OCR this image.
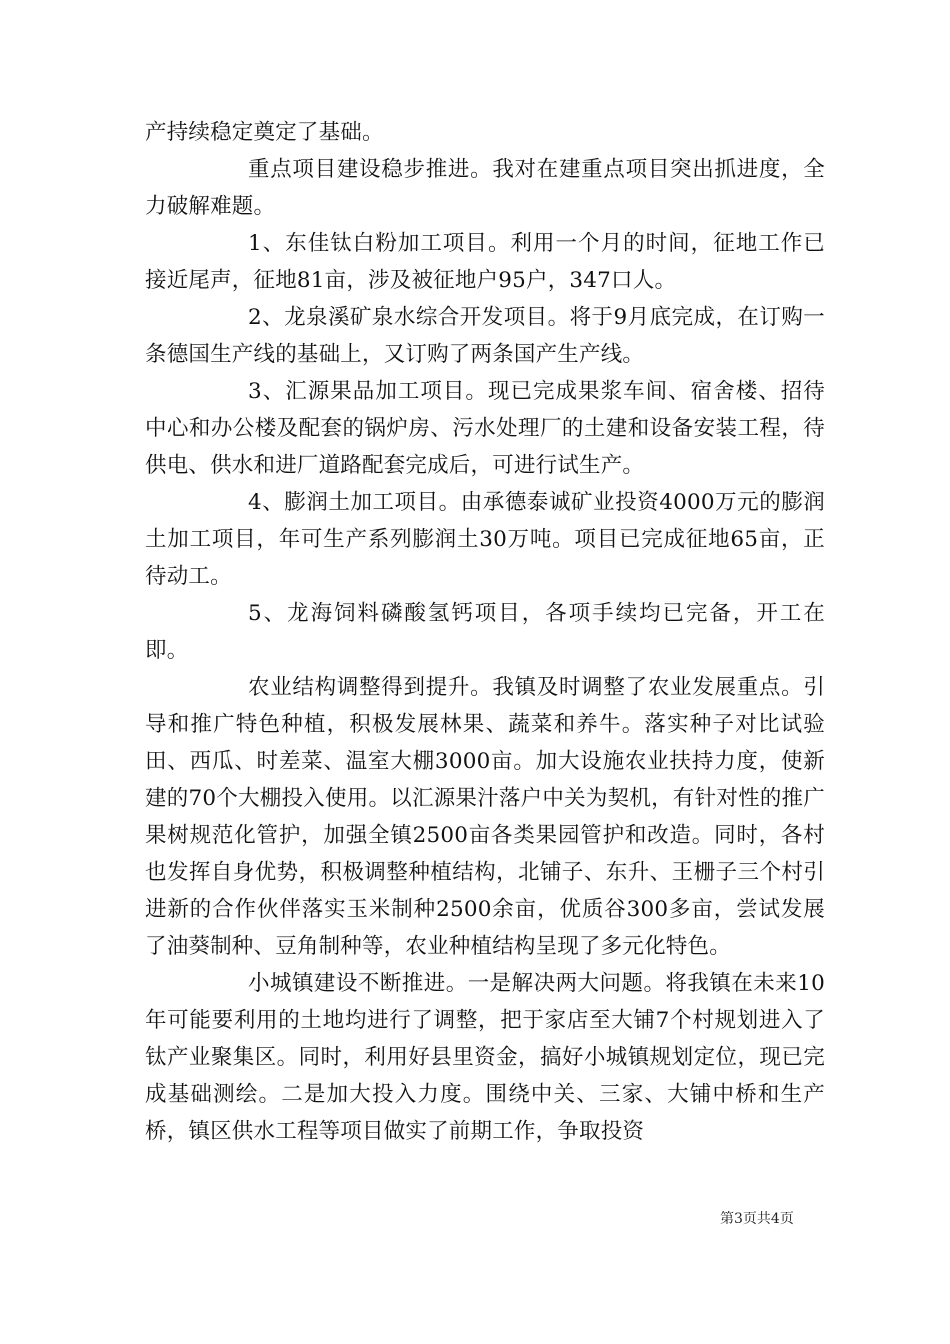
产持续稳定奠定了基础。

重点项目建设稳步推进。我对在建重点项目突出抓进度，全力破解难题。

1、东佳钛白粉加工项目。利用一个月的时间，征地工作已接近尾声，征地81亩，涉及被征地户95户，347口人。

2、龙泉溪矿泉水综合开发项目。将于9月底完成，在订购一条德国生产线的基础上，又订购了两条国产生产线。

3、汇源果品加工项目。现已完成果浆车间、宿舍楼、招待中心和办公楼及配套的锅炉房、污水处理厂的土建和设备安装工程，待供电、供水和进厂道路配套完成后，可进行试生产。

4、膨润土加工项目。由承德泰诚矿业投资4000万元的膨润土加工项目，年可生产系列膨润土30万吨。项目已完成征地65亩，正待动工。

5、龙海饲料磷酸氢钙项目，各项手续均已完备，开工在即。

农业结构调整得到提升。我镇及时调整了农业发展重点。引导和推广特色种植，积极发展林果、蔬菜和养牛。落实种子对比试验田、西瓜、时差菜、温室大棚3000亩。加大设施农业扶持力度，使新建的70个大棚投入使用。以汇源果汁落户中关为契机，有针对性的推广果树规范化管护，加强全镇2500亩各类果园管护和改造。同时，各村也发挥自身优势，积极调整种植结构，北铺子、东升、王栅子三个村引进新的合作伙伴落实玉米制种2500余亩，优质谷300多亩，尝试发展了油葵制种、豆角制种等，农业种植结构呈现了多元化特色。

小城镇建设不断推进。一是解决两大问题。将我镇在未来10年可能要利用的土地均进行了调整，把于家店至大铺7个村规划进入了钛产业聚集区。同时，利用好县里资金，搞好小城镇规划定位，现已完成基础测绘。二是加大投入力度。围绕中关、三家、大铺中桥和生产桥，镇区供水工程等项目做实了前期工作，争取投资

第3页共4页
